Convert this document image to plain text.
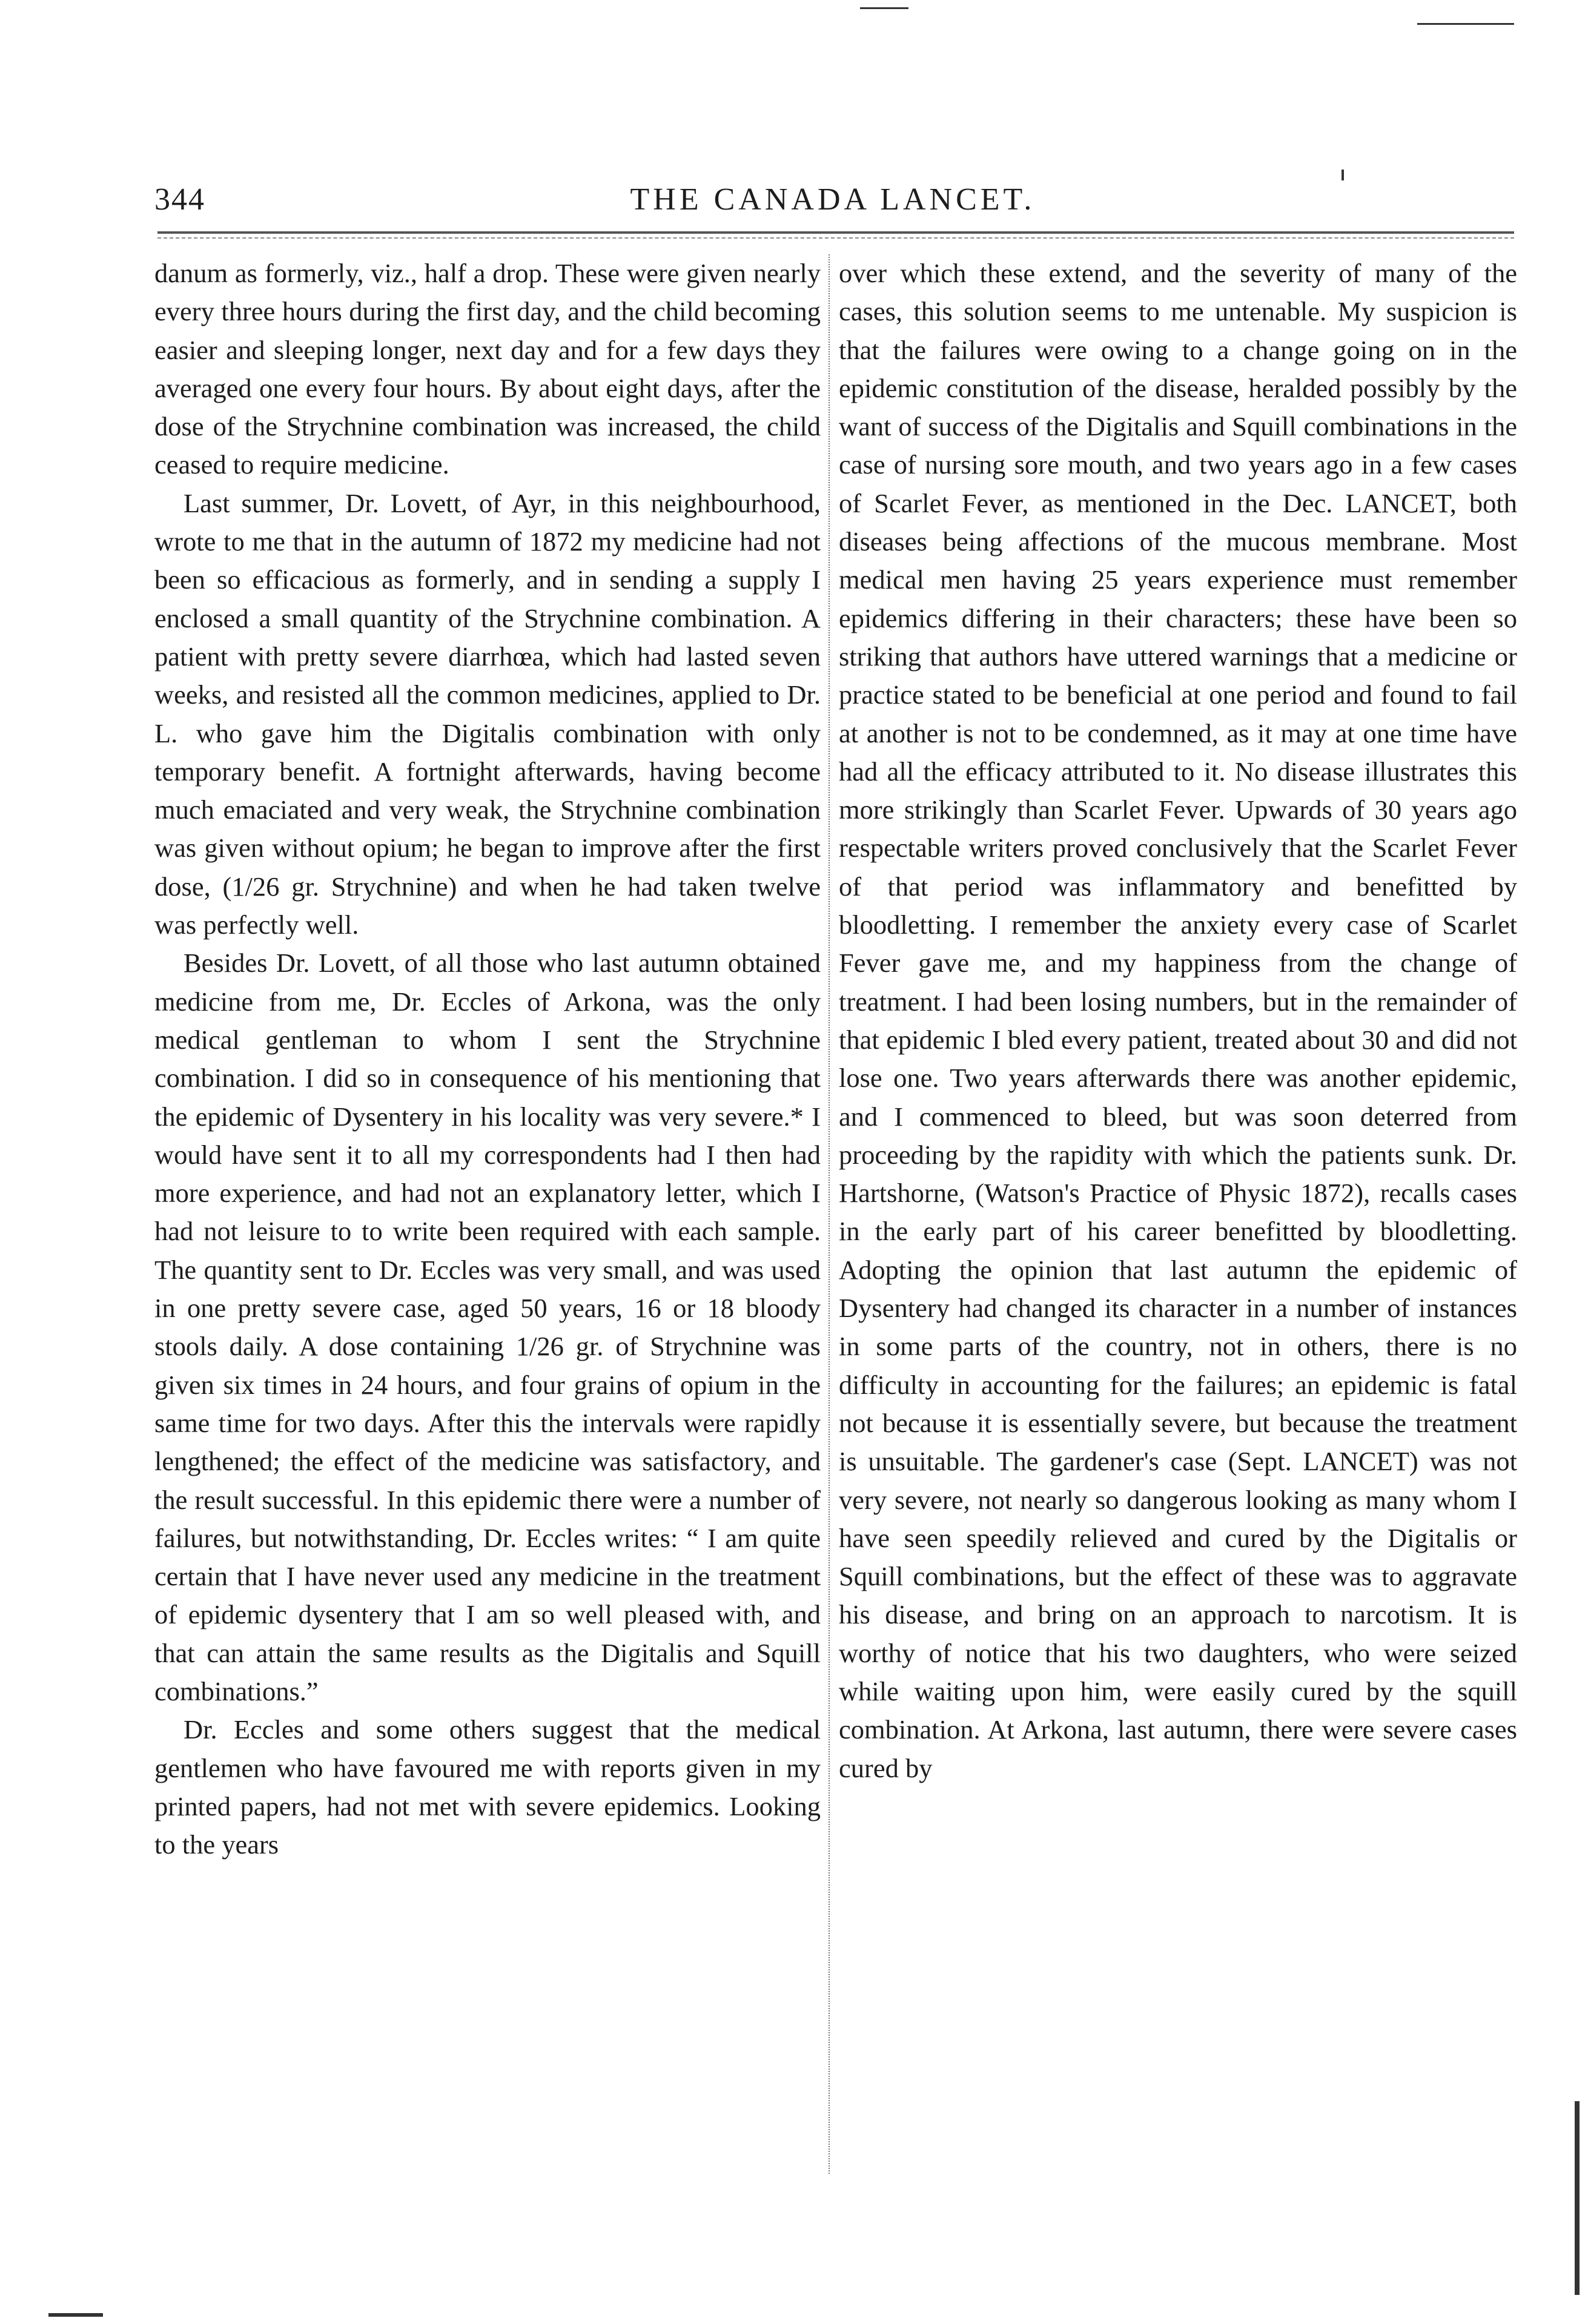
344	THE CANADA LANCET.

danum as formerly, viz., half a drop. These were given nearly every three hours during the first day, and the child becoming easier and sleeping longer, next day and for a few days they averaged one every four hours. By about eight days, after the dose of the Strychnine combination was increased, the child ceased to require medicine.

Last summer, Dr. Lovett, of Ayr, in this neighbourhood, wrote to me that in the autumn of 1872 my medicine had not been so efficacious as formerly, and in sending a supply I enclosed a small quantity of the Strychnine combination. A patient with pretty severe diarrhœa, which had lasted seven weeks, and resisted all the common medicines, applied to Dr. L. who gave him the Digitalis combination with only temporary benefit. A fortnight afterwards, having become much emaciated and very weak, the Strychnine combination was given without opium; he began to improve after the first dose, (1/26 gr. Strychnine) and when he had taken twelve was perfectly well.

Besides Dr. Lovett, of all those who last autumn obtained medicine from me, Dr. Eccles of Arkona, was the only medical gentleman to whom I sent the Strychnine combination. I did so in consequence of his mentioning that the epidemic of Dysentery in his locality was very severe.* I would have sent it to all my correspondents had I then had more experience, and had not an explanatory letter, which I had not leisure to to write been required with each sample. The quantity sent to Dr. Eccles was very small, and was used in one pretty severe case, aged 50 years, 16 or 18 bloody stools daily. A dose containing 1/26 gr. of Strychnine was given six times in 24 hours, and four grains of opium in the same time for two days. After this the intervals were rapidly lengthened; the effect of the medicine was satisfactory, and the result successful. In this epidemic there were a number of failures, but notwithstanding, Dr. Eccles writes: “ I am quite certain that I have never used any medicine in the treatment of epidemic dysentery that I am so well pleased with, and that can attain the same results as the Digitalis and Squill combinations.”

Dr. Eccles and some others suggest that the medical gentlemen who have favoured me with reports given in my printed papers, had not met with severe epidemics. Looking to the years

over which these extend, and the severity of many of the cases, this solution seems to me untenable. My suspicion is that the failures were owing to a change going on in the epidemic constitution of the disease, heralded possibly by the want of success of the Digitalis and Squill combinations in the case of nursing sore mouth, and two years ago in a few cases of Scarlet Fever, as mentioned in the Dec. LANCET, both diseases being affections of the mucous membrane. Most medical men having 25 years experience must remember epidemics differing in their characters; these have been so striking that authors have uttered warnings that a medicine or practice stated to be beneficial at one period and found to fail at another is not to be condemned, as it may at one time have had all the efficacy attributed to it. No disease illustrates this more strikingly than Scarlet Fever. Upwards of 30 years ago respectable writers proved conclusively that the Scarlet Fever of that period was inflammatory and benefitted by bloodletting. I remember the anxiety every case of Scarlet Fever gave me, and my happiness from the change of treatment. I had been losing numbers, but in the remainder of that epidemic I bled every patient, treated about 30 and did not lose one. Two years afterwards there was another epidemic, and I commenced to bleed, but was soon deterred from proceeding by the rapidity with which the patients sunk. Dr. Hartshorne, (Watson's Practice of Physic 1872), recalls cases in the early part of his career benefitted by bloodletting. Adopting the opinion that last autumn the epidemic of Dysentery had changed its character in a number of instances in some parts of the country, not in others, there is no difficulty in accounting for the failures; an epidemic is fatal not because it is essentially severe, but because the treatment is unsuitable. The gardener's case (Sept. LANCET) was not very severe, not nearly so dangerous looking as many whom I have seen speedily relieved and cured by the Digitalis or Squill combinations, but the effect of these was to aggravate his disease, and bring on an approach to narcotism. It is worthy of notice that his two daughters, who were seized while waiting upon him, were easily cured by the squill combination. At Arkona, last autumn, there were severe cases cured by
